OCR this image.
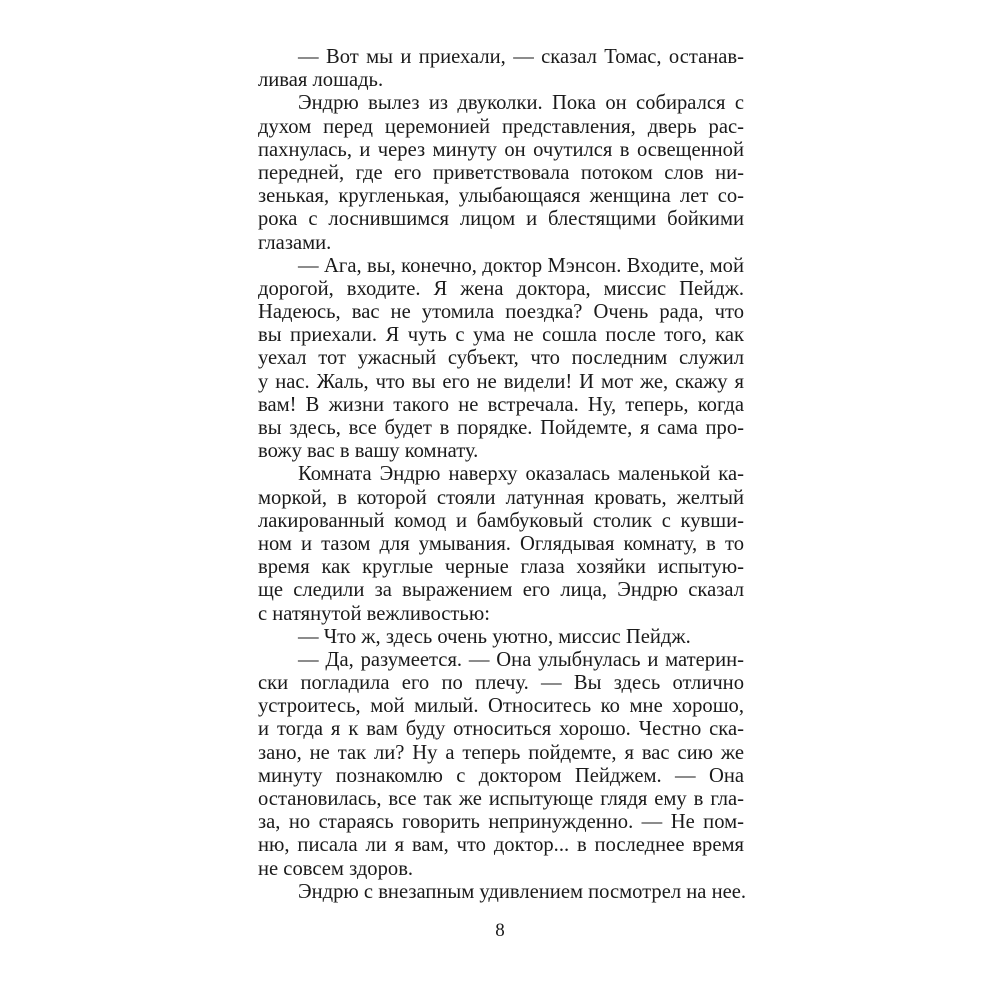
— Вот мы и приехали, — сказал Томас, останав-
ливая лошадь.
Эндрю вылез из двуколки. Пока он собирался с
духом перед церемонией представления, дверь рас-
пахнулась, и через минуту он очутился в освещенной
передней, где его приветствовала потоком слов ни-
зенькая, кругленькая, улыбающаяся женщина лет со-
рока с лоснившимся лицом и блестящими бойкими
глазами.
— Ага, вы, конечно, доктор Мэнсон. Входите, мой
дорогой, входите. Я жена доктора, миссис Пейдж.
Надеюсь, вас не утомила поездка? Очень рада, что
вы приехали. Я чуть с ума не сошла после того, как
уехал тот ужасный субъект, что последним служил
у нас. Жаль, что вы его не видели! И мот же, скажу я
вам! В жизни такого не встречала. Ну, теперь, когда
вы здесь, все будет в порядке. Пойдемте, я сама про-
вожу вас в вашу комнату.
Комната Эндрю наверху оказалась маленькой ка-
моркой, в которой стояли латунная кровать, желтый
лакированный комод и бамбуковый столик с кувши-
ном и тазом для умывания. Оглядывая комнату, в то
время как круглые черные глаза хозяйки испытую-
ще следили за выражением его лица, Эндрю сказал
с натянутой вежливостью:
— Что ж, здесь очень уютно, миссис Пейдж.
— Да, разумеется. — Она улыбнулась и материн-
ски погладила его по плечу. — Вы здесь отлично
устроитесь, мой милый. Относитесь ко мне хорошо,
и тогда я к вам буду относиться хорошо. Честно ска-
зано, не так ли? Ну а теперь пойдемте, я вас сию же
минуту познакомлю с доктором Пейджем. — Она
остановилась, все так же испытующе глядя ему в гла-
за, но стараясь говорить непринужденно. — Не пом-
ню, писала ли я вам, что доктор... в последнее время
не совсем здоров.
Эндрю с внезапным удивлением посмотрел на нее.
8
